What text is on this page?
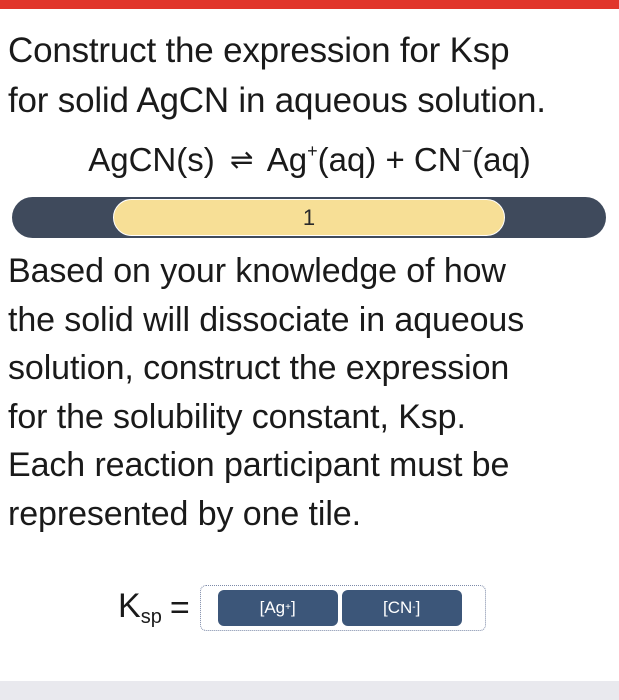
Construct the expression for Ksp
for solid AgCN in aqueous solution.
AgCN(s) ⇌ Ag+(aq) + CN−(aq)
1
Based on your knowledge of how
the solid will dissociate in aqueous
solution, construct the expression
for the solubility constant, Ksp.
Each reaction participant must be
represented by one tile.
$K_{sp}$ =	[Ag + ]	[CN - ]
